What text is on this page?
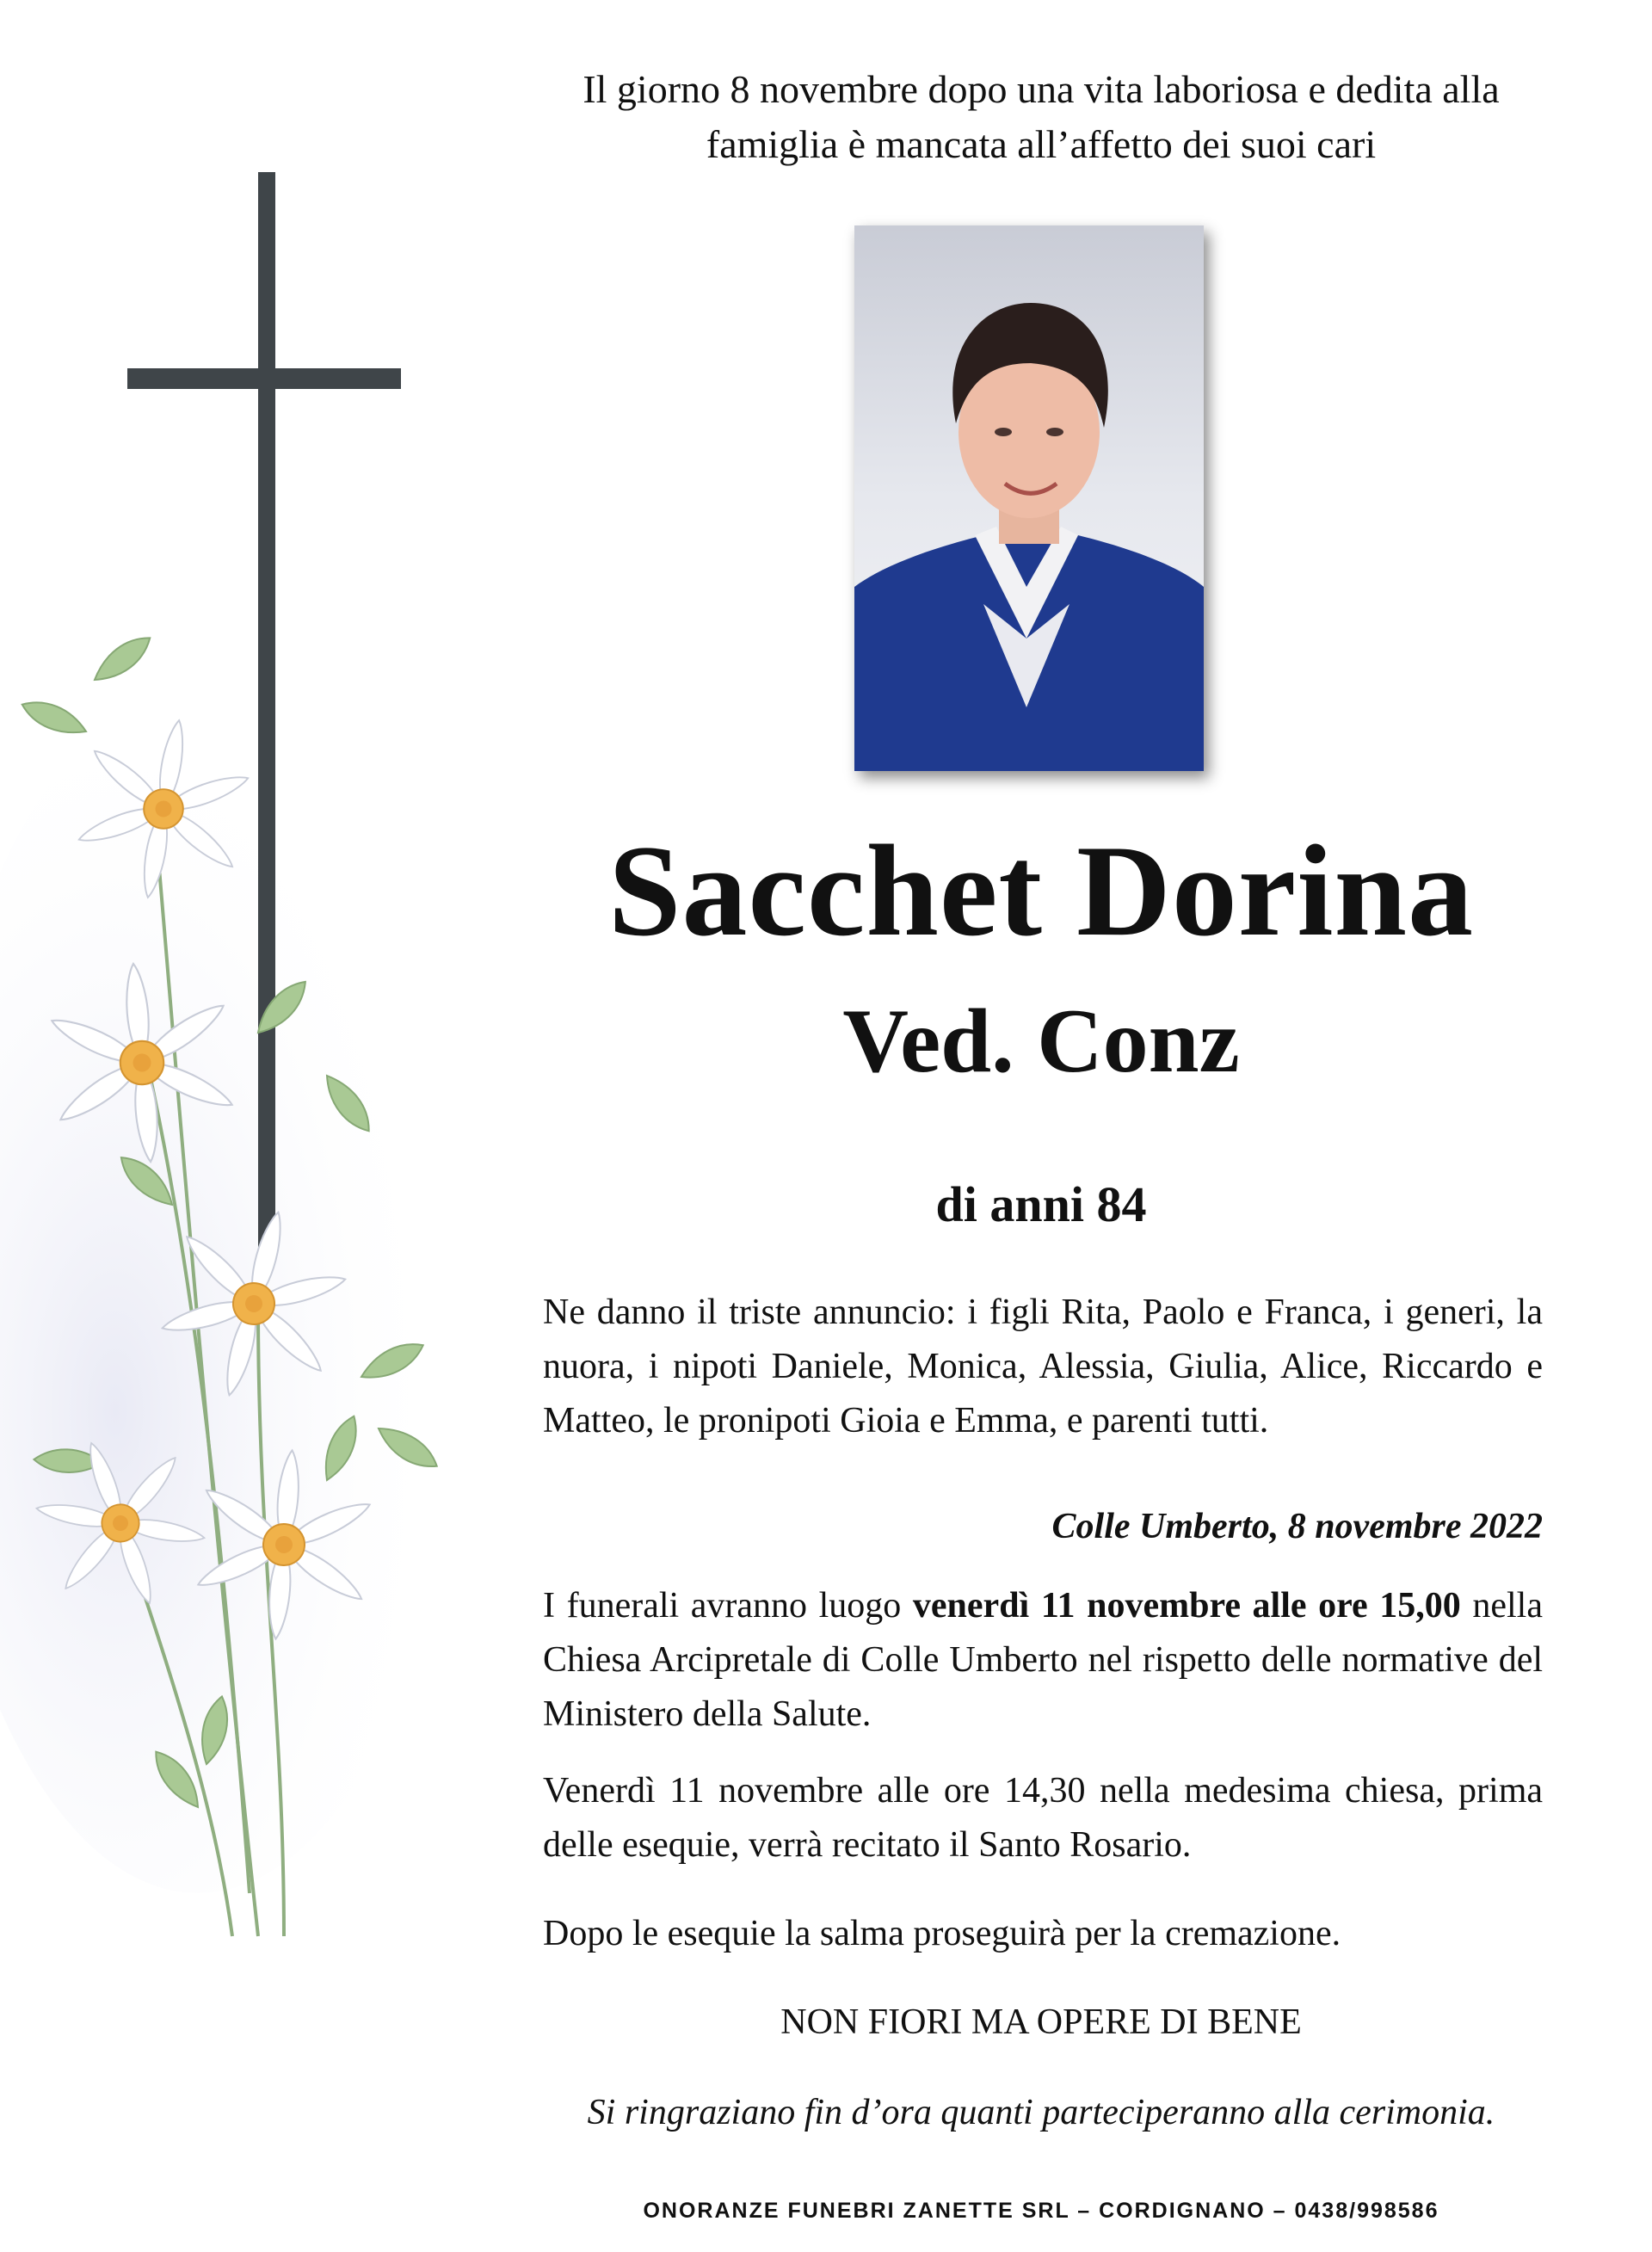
Il giorno 8 novembre dopo una vita laboriosa e dedita alla
famiglia è mancata all’affetto dei suoi cari
Sacchet Dorina
Ved. Conz
di anni 84
Ne danno il triste annuncio: i figli Rita, Paolo e Franca, i generi, la nuora, i nipoti Daniele, Monica, Alessia, Giulia, Alice, Riccardo e Matteo, le pronipoti Gioia e Emma, e parenti tutti.
Colle Umberto, 8 novembre 2022
I funerali avranno luogo venerdì 11 novembre alle ore 15,00 nella Chiesa Arcipretale di Colle Umberto nel rispetto delle normative del Ministero della Salute.
Venerdì 11 novembre alle ore 14,30 nella medesima chiesa, prima delle esequie, verrà recitato il Santo Rosario.
Dopo le esequie la salma proseguirà per la cremazione.
NON FIORI MA OPERE DI BENE
Si ringraziano fin d’ora quanti parteciperanno alla cerimonia.
ONORANZE FUNEBRI ZANETTE SRL – CORDIGNANO – 0438/998586
